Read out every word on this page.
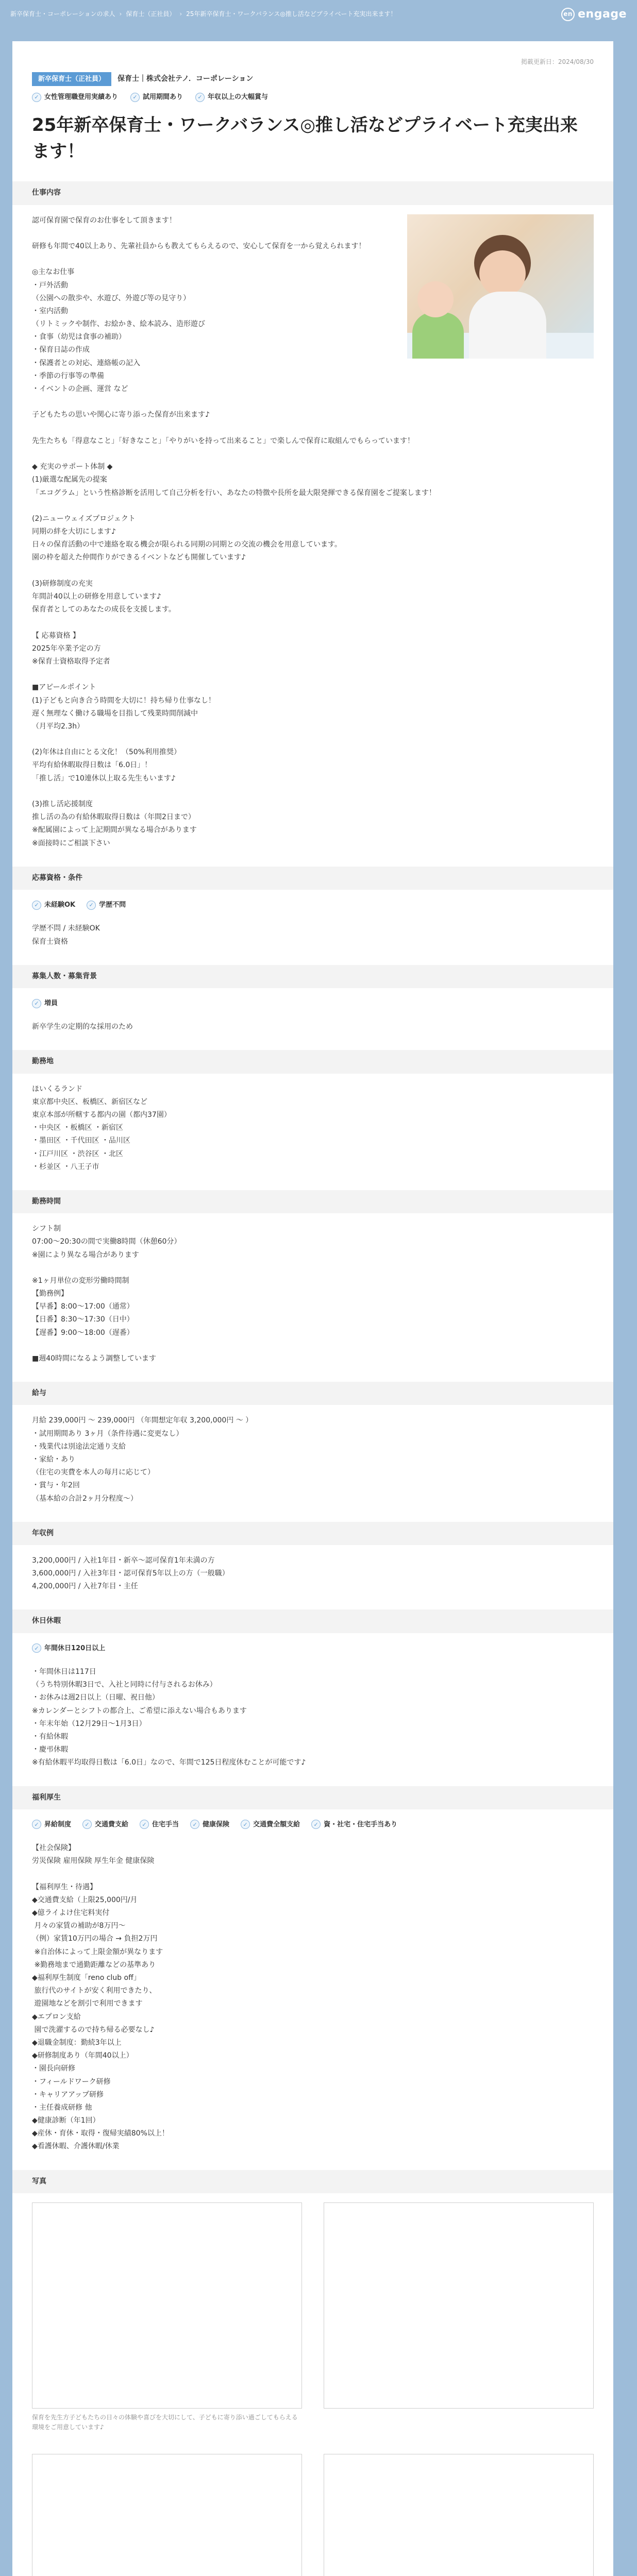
新卒保育士・コーポレーションの求人 › 保育士（正社員） › 25年新卒保育士・ワークバランス◎推し活などプライベート充実出来ます！	en engage
掲載更新日：2024/08/30
新卒保育士（正社員）	保育士｜株式会社テノ．コーポレーション
✓ 女性管理職登用実績あり	✓ 試用期間あり	✓ 年収以上の大幅賞与
25年新卒保育士・ワークバランス◎推し活などプライベート充実出来ます！
仕事内容
認可保育園で保育のお仕事をして頂きます！

研修も年間で40以上あり、先輩社員からも教えてもらえるので、安心して保育を一から覚えられます！

◎主なお仕事
・戸外活動
（公園への散歩や、水遊び、外遊び等の見守り）
・室内活動
（リトミックや制作、お絵かき、絵本読み、造形遊び
・食事（幼児は食事の補助）
・保育日誌の作成
・保護者との対応、連絡帳の記入
・季節の行事等の準備
・イベントの企画、運営 など

子どもたちの思いや関心に寄り添った保育が出来ます♪

先生たちも「得意なこと」「好きなこと」「やりがいを持って出来ること」で楽しんで保育に取組んでもらっています！

◆ 充実のサポート体制 ◆
(1)厳選な配属先の提案
「エコグラム」という性格診断を活用して自己分析を行い、あなたの特徴や長所を最大限発揮できる保育園をご提案します！

(2)ニューウェイズプロジェクト
同期の絆を大切にします♪
日々の保育活動の中で連絡を取る機会が限られる同期の同期との交流の機会を用意しています。
園の枠を超えた仲間作りができるイベントなども開催しています♪

(3)研修制度の充実
年間計40以上の研修を用意しています♪
保育者としてのあなたの成長を支援します。

【 応募資格 】
2025年卒業予定の方
※保育士資格取得予定者

■アピールポイント
(1)子どもと向き合う時間を大切に！持ち帰り仕事なし！
遅く無理なく働ける職場を目指して残業時間削減中
（月平均2.3h）

(2)年休は自由にとる文化！（50%利用推奨）
平均有給休暇取得日数は「6.0日」！
「推し活」で10連休以上取る先生もいます♪

(3)推し活応援制度
推し活の為の有給休暇取得日数は（年間2日まで）
※配属園によって上記期間が異なる場合があります
※面接時にご相談下さい
応募資格・条件
✓ 未経験OK	✓ 学歴不問
学歴不問 / 未経験OK
保育士資格
募集人数・募集背景
✓ 増員
新卒学生の定期的な採用のため
勤務地
ほいくるランド
東京都中央区、板橋区、新宿区など
東京本部が所轄する都内の園（都内37園）
・中央区 ・板橋区 ・新宿区
・墨田区 ・千代田区 ・品川区
・江戸川区 ・渋谷区 ・北区
・杉並区 ・八王子市
勤務時間
シフト制
07:00〜20:30の間で実働8時間（休憩60分）
※園により異なる場合があります

※1ヶ月単位の変形労働時間制
【勤務例】
【早番】8:00〜17:00（通常）
【日番】8:30〜17:30（日中）
【遅番】9:00〜18:00（遅番）

■週40時間になるよう調整しています
給与
月給 239,000円 〜 239,000円 （年間想定年収 3,200,000円 〜 ）
・試用期間あり 3ヶ月（条件待遇に変更なし）
・残業代は別途法定通り支給
・家給・あり
（住宅の実費を本人の毎月に応じて）
・賞与・年2回
（基本給の合計2ヶ月分程度〜）
年収例
3,200,000円 / 入社1年目・新卒〜認可保育1年未満の方
3,600,000円 / 入社3年目・認可保育5年以上の方（一般職）
4,200,000円 / 入社7年目・主任
休日休暇
✓ 年間休日120日以上
・年間休日は117日
（うち特別休暇3日で、入社と同時に付与されるお休み）
・お休みは週2日以上（日曜、祝日他）
※カレンダーとシフトの都合上、ご希望に添えない場合もあります
・年末年始（12月29日〜1月3日）
・有給休暇
・慶弔休暇
※有給休暇平均取得日数は「6.0日」なので、年間で125日程度休むことが可能です♪
福利厚生
✓ 昇給制度	✓ 交通費支給	✓ 住宅手当	✓ 健康保険	✓ 交通費全額支給	✓ 資・社宅・住宅手当あり
【社会保険】
労災保険 雇用保険 厚生年金 健康保険

【福利厚生・待遇】
◆交通費支給（上限25,000円/月
◆億ライよけ住宅料実付
月々の家賃の補助が8万円〜
（例）家賃10万円の場合 → 負担2万円
※自治体によって上限金額が異なります
※勤務地まで通勤距離などの基準あり
◆福利厚生制度「reno club off」
旅行代のサイトが安く利用できたり、
遊園地などを割引で利用できます
◆エプロン支給
園で洗濯するので持ち帰る必要なし♪
◆退職金制度：勤続3年以上
◆研修制度あり（年間40以上）
・園長向研修
・フィールドワーク研修
・キャリアアップ研修
・主任養成研修 他
◆健康診断（年1回）
◆産休・育休・取得・復帰実績80%以上！
◆看護休暇、介護休暇/休業
写真
保育を先生方子どもたちの日々の体験や喜びを大切にして、子どもに寄り添い過ごしてもらえる環境をご用意しています♪
